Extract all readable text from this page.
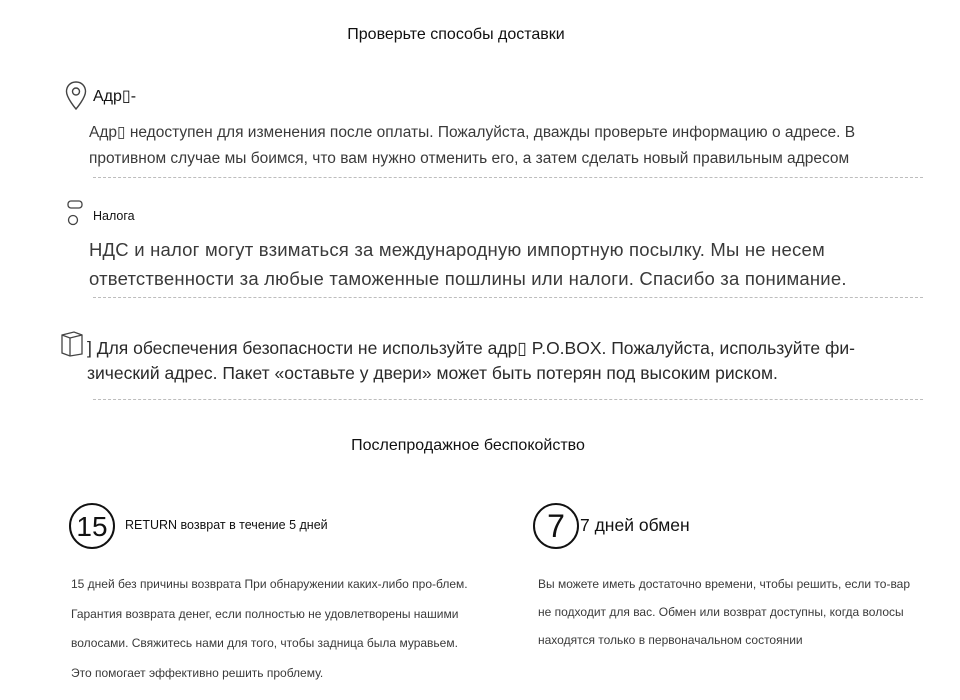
Проверьте способы доставки
Адр▯-
Адр▯ недоступен для изменения после оплаты. Пожалуйста, дважды проверьте информацию о адресе. В противном случае мы боимся, что вам нужно отменить его, а затем сделать новый правильным адресом
Налога
НДС и налог могут взиматься за международную импортную посылку. Мы не несем ответственности за любые таможенные пошлины или налоги. Спасибо за понимание.
] Для обеспечения безопасности не используйте адр▯ P.O.BOX. Пожалуйста, используйте фи-зический адрес. Пакет «оставьте у двери» может быть потерян под высоким риском.
Послепродажное беспокойство
15 RETURN возврат в течение 5 дней
15 дней без причины возврата При обнаружении каких-либо про-блем. Гарантия возврата денег, если полностью не удовлетворены нашими волосами. Свяжитесь нами для того, чтобы задница была муравьем. Это помогает эффективно решить проблему.
7 7 дней обмен
Вы можете иметь достаточно времени, чтобы решить, если то-вар не подходит для вас. Обмен или возврат доступны, когда волосы находятся только в первоначальном состоянии
